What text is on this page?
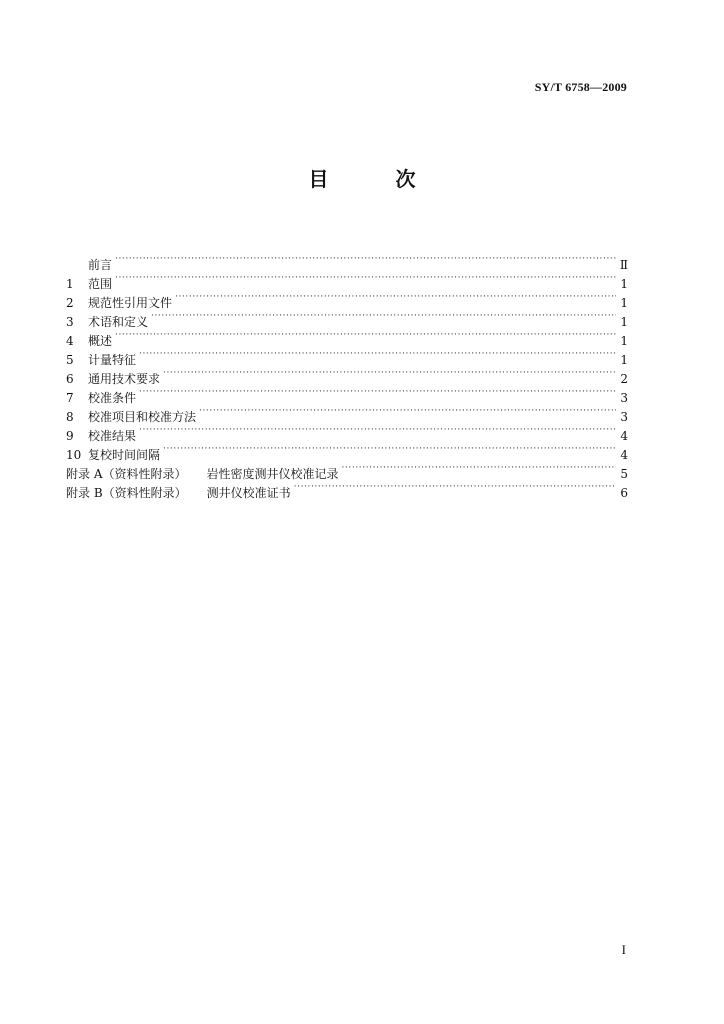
SY/T 6758—2009
目 次
前言 ·····	Ⅱ
1	范围 ·····	1
2	规范性引用文件 ·····	1
3	术语和定义 ·····	1
4	概述 ·····	1
5	计量特征 ·····	1
6	通用技术要求 ·····	2
7	校准条件 ·····	3
8	校准项目和校准方法 ·····	3
9	校准结果 ·····	4
10 复校时间间隔 ·····	4
附录 A（资料性附录） 岩性密度测井仪校准记录 ·····	5
附录 B（资料性附录） 测井仪校准证书 ·····	6
I
